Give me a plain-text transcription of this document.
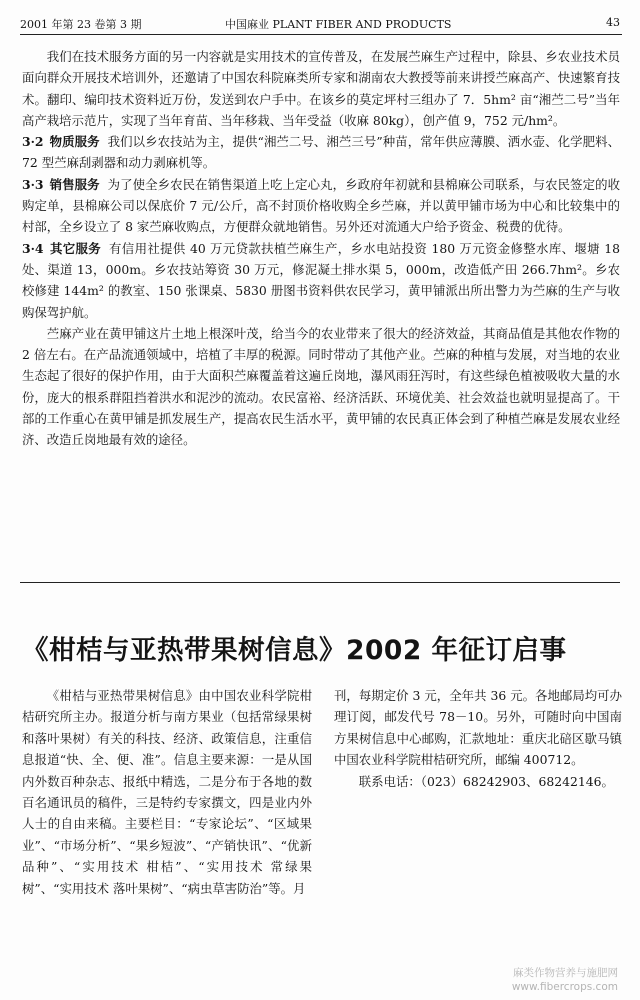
2001 年第 23 卷第 3 期	中国麻业 PLANT FIBER AND PRODUCTS	43

我们在技术服务方面的另一内容就是实用技术的宣传普及，在发展苎麻生产过程中，除县、乡农业技术员面向群众开展技术培训外，还邀请了中国农科院麻类所专家和湖南农大教授等前来讲授苎麻高产、快速繁育技术。翻印、编印技术资料近万份，发送到农户手中。在该乡的莫定坪村三组办了 7．5hm² 亩“湘苎二号”当年高产栽培示范片，实现了当年育苗、当年移栽、当年受益（收麻 80kg），创产值 9，752 元/hm²。

3·2 物质服务 我们以乡农技站为主，提供“湘苎二号、湘苎三号”种苗，常年供应薄膜、洒水壶、化学肥料、72 型苎麻刮剥器和动力剥麻机等。

3·3 销售服务 为了使全乡农民在销售渠道上吃上定心丸，乡政府年初就和县棉麻公司联系，与农民签定的收购定单，县棉麻公司以保底价 7 元/公斤，高不封顶价格收购全乡苎麻，并以黄甲铺市场为中心和比较集中的村部，全乡设立了 8 家苎麻收购点，方便群众就地销售。另外还对流通大户给予资金、税费的优待。

3·4 其它服务 有信用社提供 40 万元贷款扶植苎麻生产，乡水电站投资 180 万元资金修整水库、堰塘 18 处、渠道 13，000m。乡农技站筹资 30 万元，修泥凝土排水渠 5，000m，改造低产田 266.7hm²。乡农校修建 144m² 的教室、150 张课桌、5830 册图书资料供农民学习，黄甲铺派出所出警力为苎麻的生产与收购保驾护航。

苎麻产业在黄甲铺这片土地上根深叶茂，给当今的农业带来了很大的经济效益，其商品值是其他农作物的 2 倍左右。在产品流通领域中，培植了丰厚的税源。同时带动了其他产业。苎麻的种植与发展，对当地的农业生态起了很好的保护作用，由于大面积苎麻覆盖着这遍丘岗地，瀑风雨狂泻时，有这些绿色植被吸收大量的水份，庞大的根系群阻挡着洪水和泥沙的流动。农民富裕、经济活跃、环境优美、社会效益也就明显提高了。干部的工作重心在黄甲铺是抓发展生产，提高农民生活水平，黄甲铺的农民真正体会到了种植苎麻是发展农业经济、改造丘岗地最有效的途径。

《柑桔与亚热带果树信息》2002 年征订启事

《柑桔与亚热带果树信息》由中国农业科学院柑桔研究所主办。报道分析与南方果业（包括常绿果树和落叶果树）有关的科技、经济、政策信息，注重信息报道“快、全、便、准”。信息主要来源：一是从国内外数百种杂志、报纸中精选，二是分布于各地的数百名通讯员的稿件，三是特约专家撰文，四是业内外人士的自由来稿。主要栏目：“专家论坛”、“区域果业”、“市场分析”、“果乡短波”、“产销快讯”、“优新品种”、“实用技术 柑桔”、“实用技术 常绿果树”、“实用技术 落叶果树”、“病虫草害防治”等。月

刊，每期定价 3 元，全年共 36 元。各地邮局均可办理订阅，邮发代号 78－10。另外，可随时向中国南方果树信息中心邮购，汇款地址：重庆北碚区歇马镇中国农业科学院柑桔研究所，邮编 400712。

联系电话：（023）68242903、68242146。

麻类作物营养与施肥网
www.fibercrops.com
